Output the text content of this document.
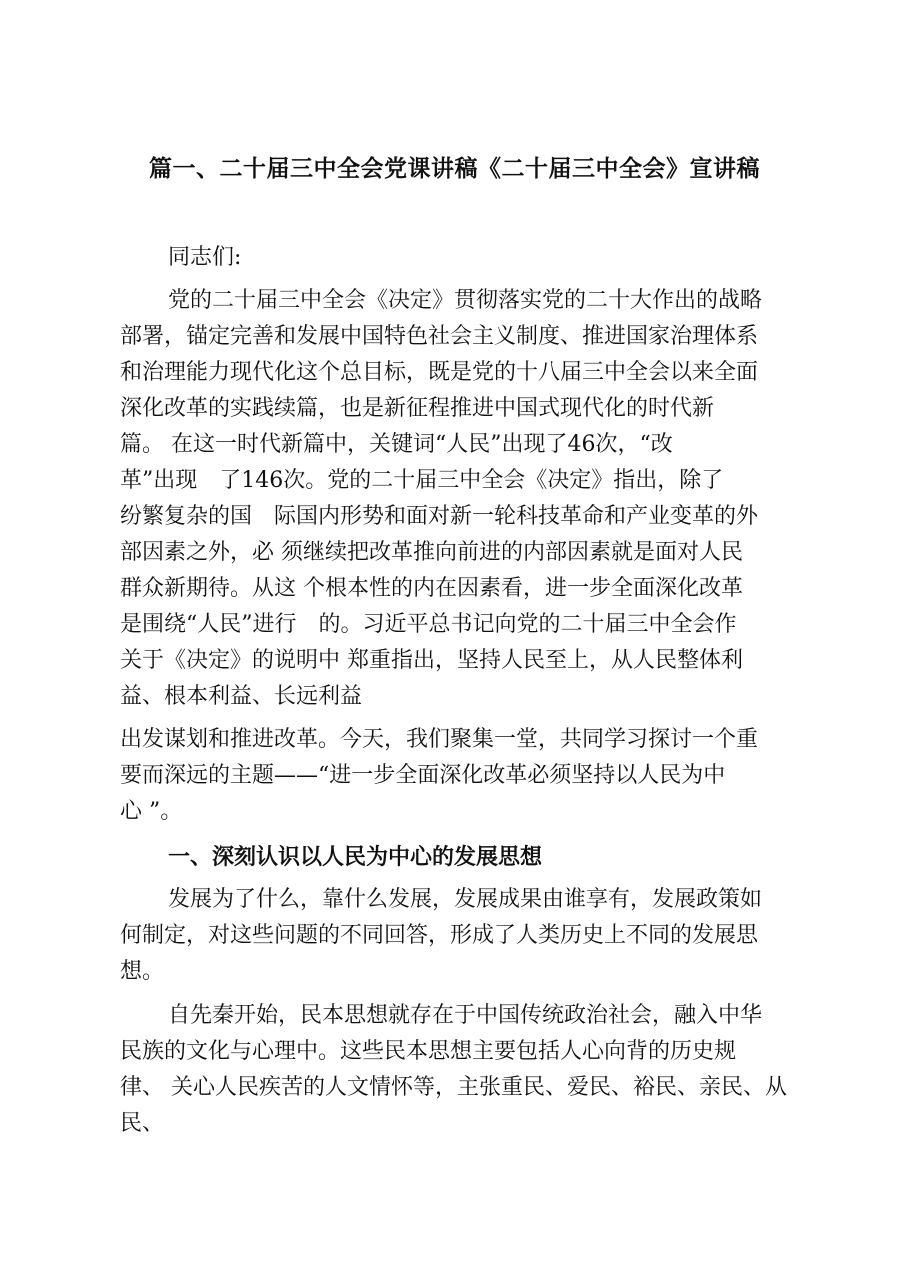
篇一、二十届三中全会党课讲稿《二十届三中全会》宣讲稿
同志们:
党的二十届三中全会《决定》贯彻落实党的二十大作出的战略
部署，锚定完善和发展中国特色社会主义制度、推进国家治理体系
和治理能力现代化这个总目标，既是党的十八届三中全会以来全面
深化改革的实践续篇，也是新征程推进中国式现代化的时代新
篇。 在这一时代新篇中，关键词“人民”出现了46次，“改
革”出现　了146次。党的二十届三中全会《决定》指出，除了
纷繁复杂的国　际国内形势和面对新一轮科技革命和产业变革的外
部因素之外，必 须继续把改革推向前进的内部因素就是面对人民
群众新期待。从这 个根本性的内在因素看，进一步全面深化改革
是围绕“人民”进行　的。习近平总书记向党的二十届三中全会作
关于《决定》的说明中 郑重指出，坚持人民至上，从人民整体利
益、根本利益、长远利益
出发谋划和推进改革。今天，我们聚集一堂，共同学习探讨一个重
要而深远的主题——“进一步全面深化改革必须坚持以人民为中
心 ”。
一、深刻认识以人民为中心的发展思想
发展为了什么，靠什么发展，发展成果由谁享有，发展政策如
何制定，对这些问题的不同回答，形成了人类历史上不同的发展思
想。
自先秦开始，民本思想就存在于中国传统政治社会，融入中华
民族的文化与心理中。这些民本思想主要包括人心向背的历史规
律、 关心人民疾苦的人文情怀等，主张重民、爱民、裕民、亲民、从
民、
